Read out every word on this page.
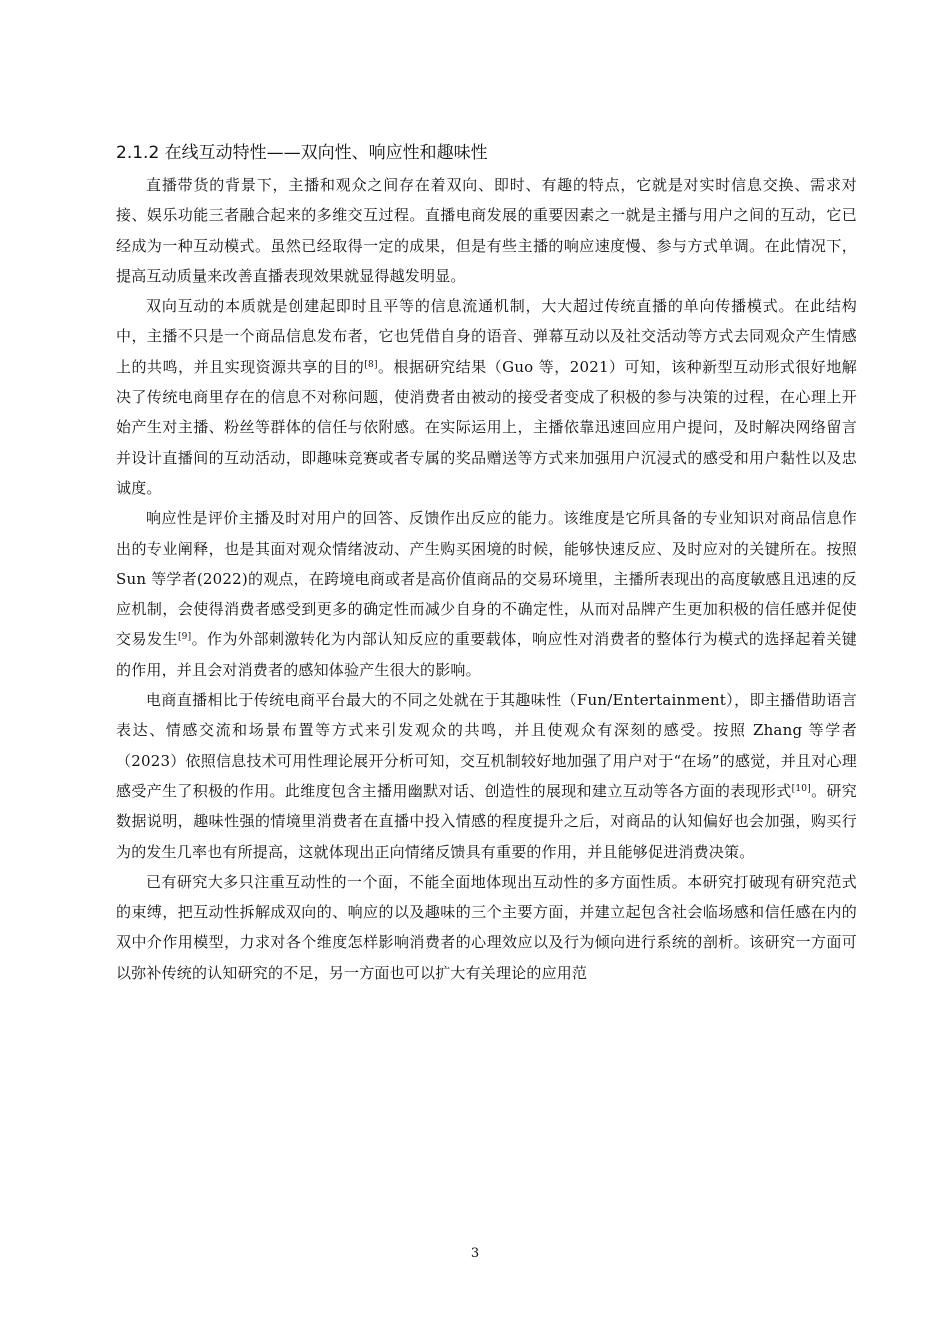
2.1.2 在线互动特性——双向性、响应性和趣味性

直播带货的背景下，主播和观众之间存在着双向、即时、有趣的特点，它就是对实时信息交换、需求对接、娱乐功能三者融合起来的多维交互过程。直播电商发展的重要因素之一就是主播与用户之间的互动，它已经成为一种互动模式。虽然已经取得一定的成果，但是有些主播的响应速度慢、参与方式单调。在此情况下，提高互动质量来改善直播表现效果就显得越发明显。

双向互动的本质就是创建起即时且平等的信息流通机制，大大超过传统直播的单向传播模式。在此结构中，主播不只是一个商品信息发布者，它也凭借自身的语音、弹幕互动以及社交活动等方式去同观众产生情感上的共鸣，并且实现资源共享的目的[8]。根据研究结果（Guo 等，2021）可知，该种新型互动形式很好地解决了传统电商里存在的信息不对称问题，使消费者由被动的接受者变成了积极的参与决策的过程，在心理上开始产生对主播、粉丝等群体的信任与依附感。在实际运用上，主播依靠迅速回应用户提问，及时解决网络留言并设计直播间的互动活动，即趣味竞赛或者专属的奖品赠送等方式来加强用户沉浸式的感受和用户黏性以及忠诚度。

响应性是评价主播及时对用户的回答、反馈作出反应的能力。该维度是它所具备的专业知识对商品信息作出的专业阐释，也是其面对观众情绪波动、产生购买困境的时候，能够快速反应、及时应对的关键所在。按照 Sun 等学者(2022)的观点，在跨境电商或者是高价值商品的交易环境里，主播所表现出的高度敏感且迅速的反应机制，会使得消费者感受到更多的确定性而减少自身的不确定性，从而对品牌产生更加积极的信任感并促使交易发生[9]。作为外部刺激转化为内部认知反应的重要载体，响应性对消费者的整体行为模式的选择起着关键的作用，并且会对消费者的感知体验产生很大的影响。

电商直播相比于传统电商平台最大的不同之处就在于其趣味性（Fun/Entertainment），即主播借助语言表达、情感交流和场景布置等方式来引发观众的共鸣，并且使观众有深刻的感受。按照 Zhang 等学者（2023）依照信息技术可用性理论展开分析可知，交互机制较好地加强了用户对于“在场”的感觉，并且对心理感受产生了积极的作用。此维度包含主播用幽默对话、创造性的展现和建立互动等各方面的表现形式[10]。研究数据说明，趣味性强的情境里消费者在直播中投入情感的程度提升之后，对商品的认知偏好也会加强，购买行为的发生几率也有所提高，这就体现出正向情绪反馈具有重要的作用，并且能够促进消费决策。

已有研究大多只注重互动性的一个面，不能全面地体现出互动性的多方面性质。本研究打破现有研究范式的束缚，把互动性拆解成双向的、响应的以及趣味的三个主要方面，并建立起包含社会临场感和信任感在内的双中介作用模型，力求对各个维度怎样影响消费者的心理效应以及行为倾向进行系统的剖析。该研究一方面可以弥补传统的认知研究的不足，另一方面也可以扩大有关理论的应用范

3
